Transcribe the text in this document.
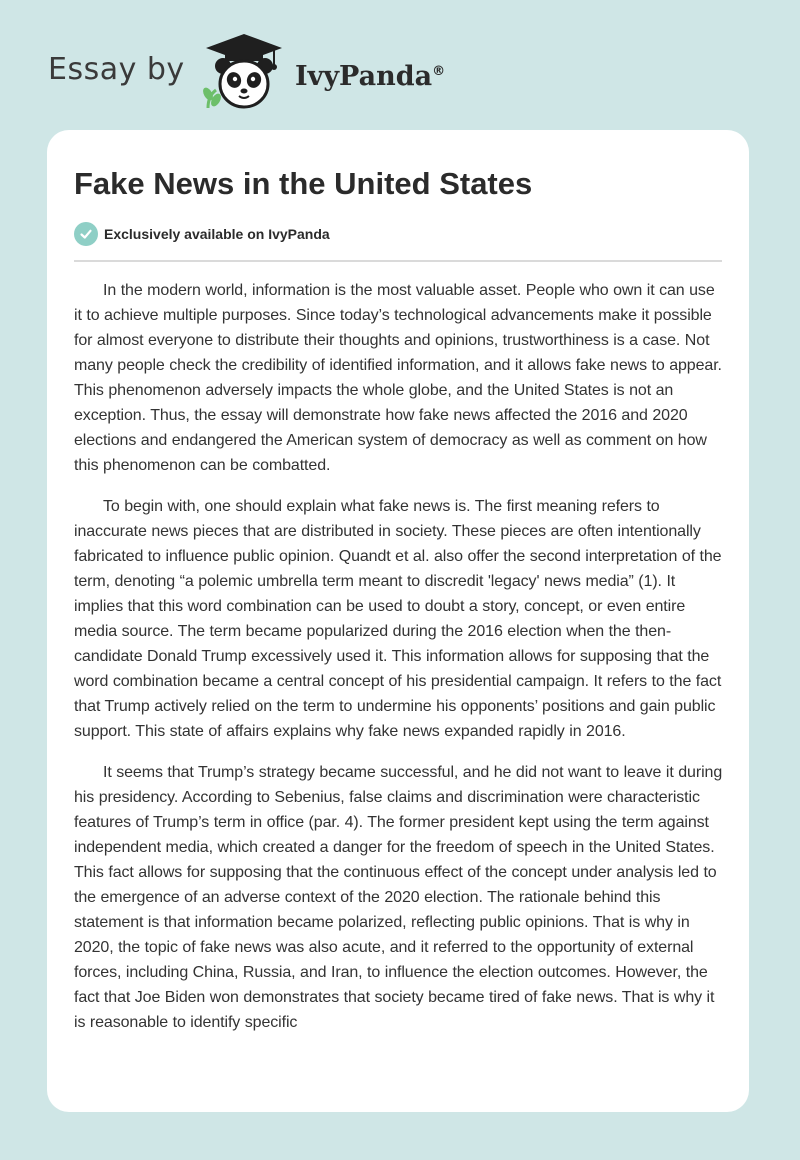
Essay by	IvyPanda®
Fake News in the United States
Exclusively available on IvyPanda

In the modern world, information is the most valuable asset. People who own it can use it to achieve multiple purposes. Since today’s technological advancements make it possible for almost everyone to distribute their thoughts and opinions, trustworthiness is a case. Not many people check the credibility of identified information, and it allows fake news to appear. This phenomenon adversely impacts the whole globe, and the United States is not an exception. Thus, the essay will demonstrate how fake news affected the 2016 and 2020 elections and endangered the American system of democracy as well as comment on how this phenomenon can be combatted.

To begin with, one should explain what fake news is. The first meaning refers to inaccurate news pieces that are distributed in society. These pieces are often intentionally fabricated to influence public opinion. Quandt et al. also offer the second interpretation of the term, denoting “a polemic umbrella term meant to discredit 'legacy' news media” (1). It implies that this word combination can be used to doubt a story, concept, or even entire media source. The term became popularized during the 2016 election when the then-candidate Donald Trump excessively used it. This information allows for supposing that the word combination became a central concept of his presidential campaign. It refers to the fact that Trump actively relied on the term to undermine his opponents’ positions and gain public support. This state of affairs explains why fake news expanded rapidly in 2016.

It seems that Trump’s strategy became successful, and he did not want to leave it during his presidency. According to Sebenius, false claims and discrimination were characteristic features of Trump’s term in office (par. 4). The former president kept using the term against independent media, which created a danger for the freedom of speech in the United States. This fact allows for supposing that the continuous effect of the concept under analysis led to the emergence of an adverse context of the 2020 election. The rationale behind this statement is that information became polarized, reflecting public opinions. That is why in 2020, the topic of fake news was also acute, and it referred to the opportunity of external forces, including China, Russia, and Iran, to influence the election outcomes. However, the fact that Joe Biden won demonstrates that society became tired of fake news. That is why it is reasonable to identify specific
